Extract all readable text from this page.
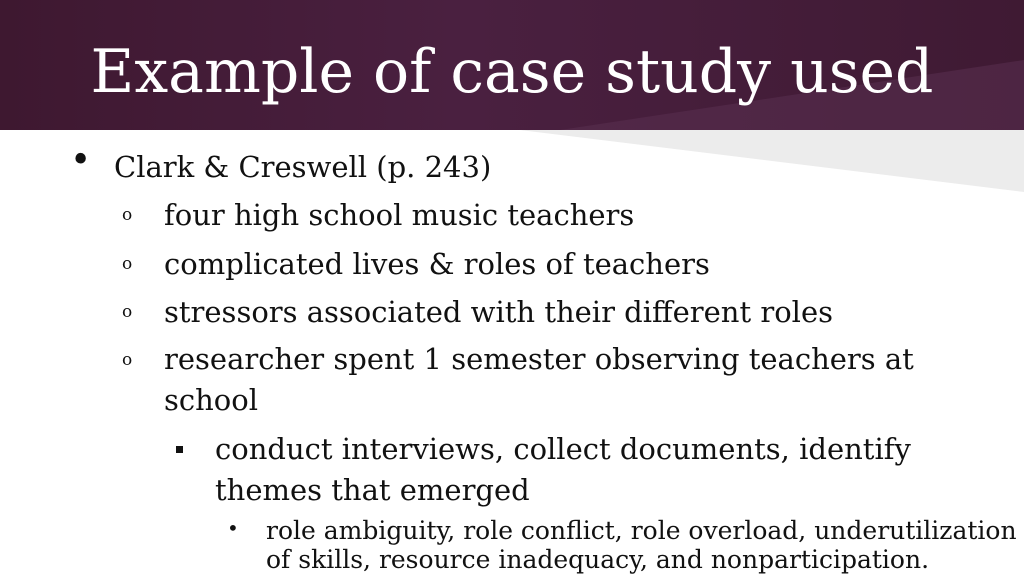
Example of case study used
• Clark & Creswell (p. 243)
o four high school music teachers
o complicated lives & roles of teachers
o stressors associated with their different roles
o researcher spent 1 semester observing teachers at
school
conduct interviews, collect documents, identify
themes that emerged
• role ambiguity, role conflict, role overload, underutilization
of skills, resource inadequacy, and nonparticipation.
